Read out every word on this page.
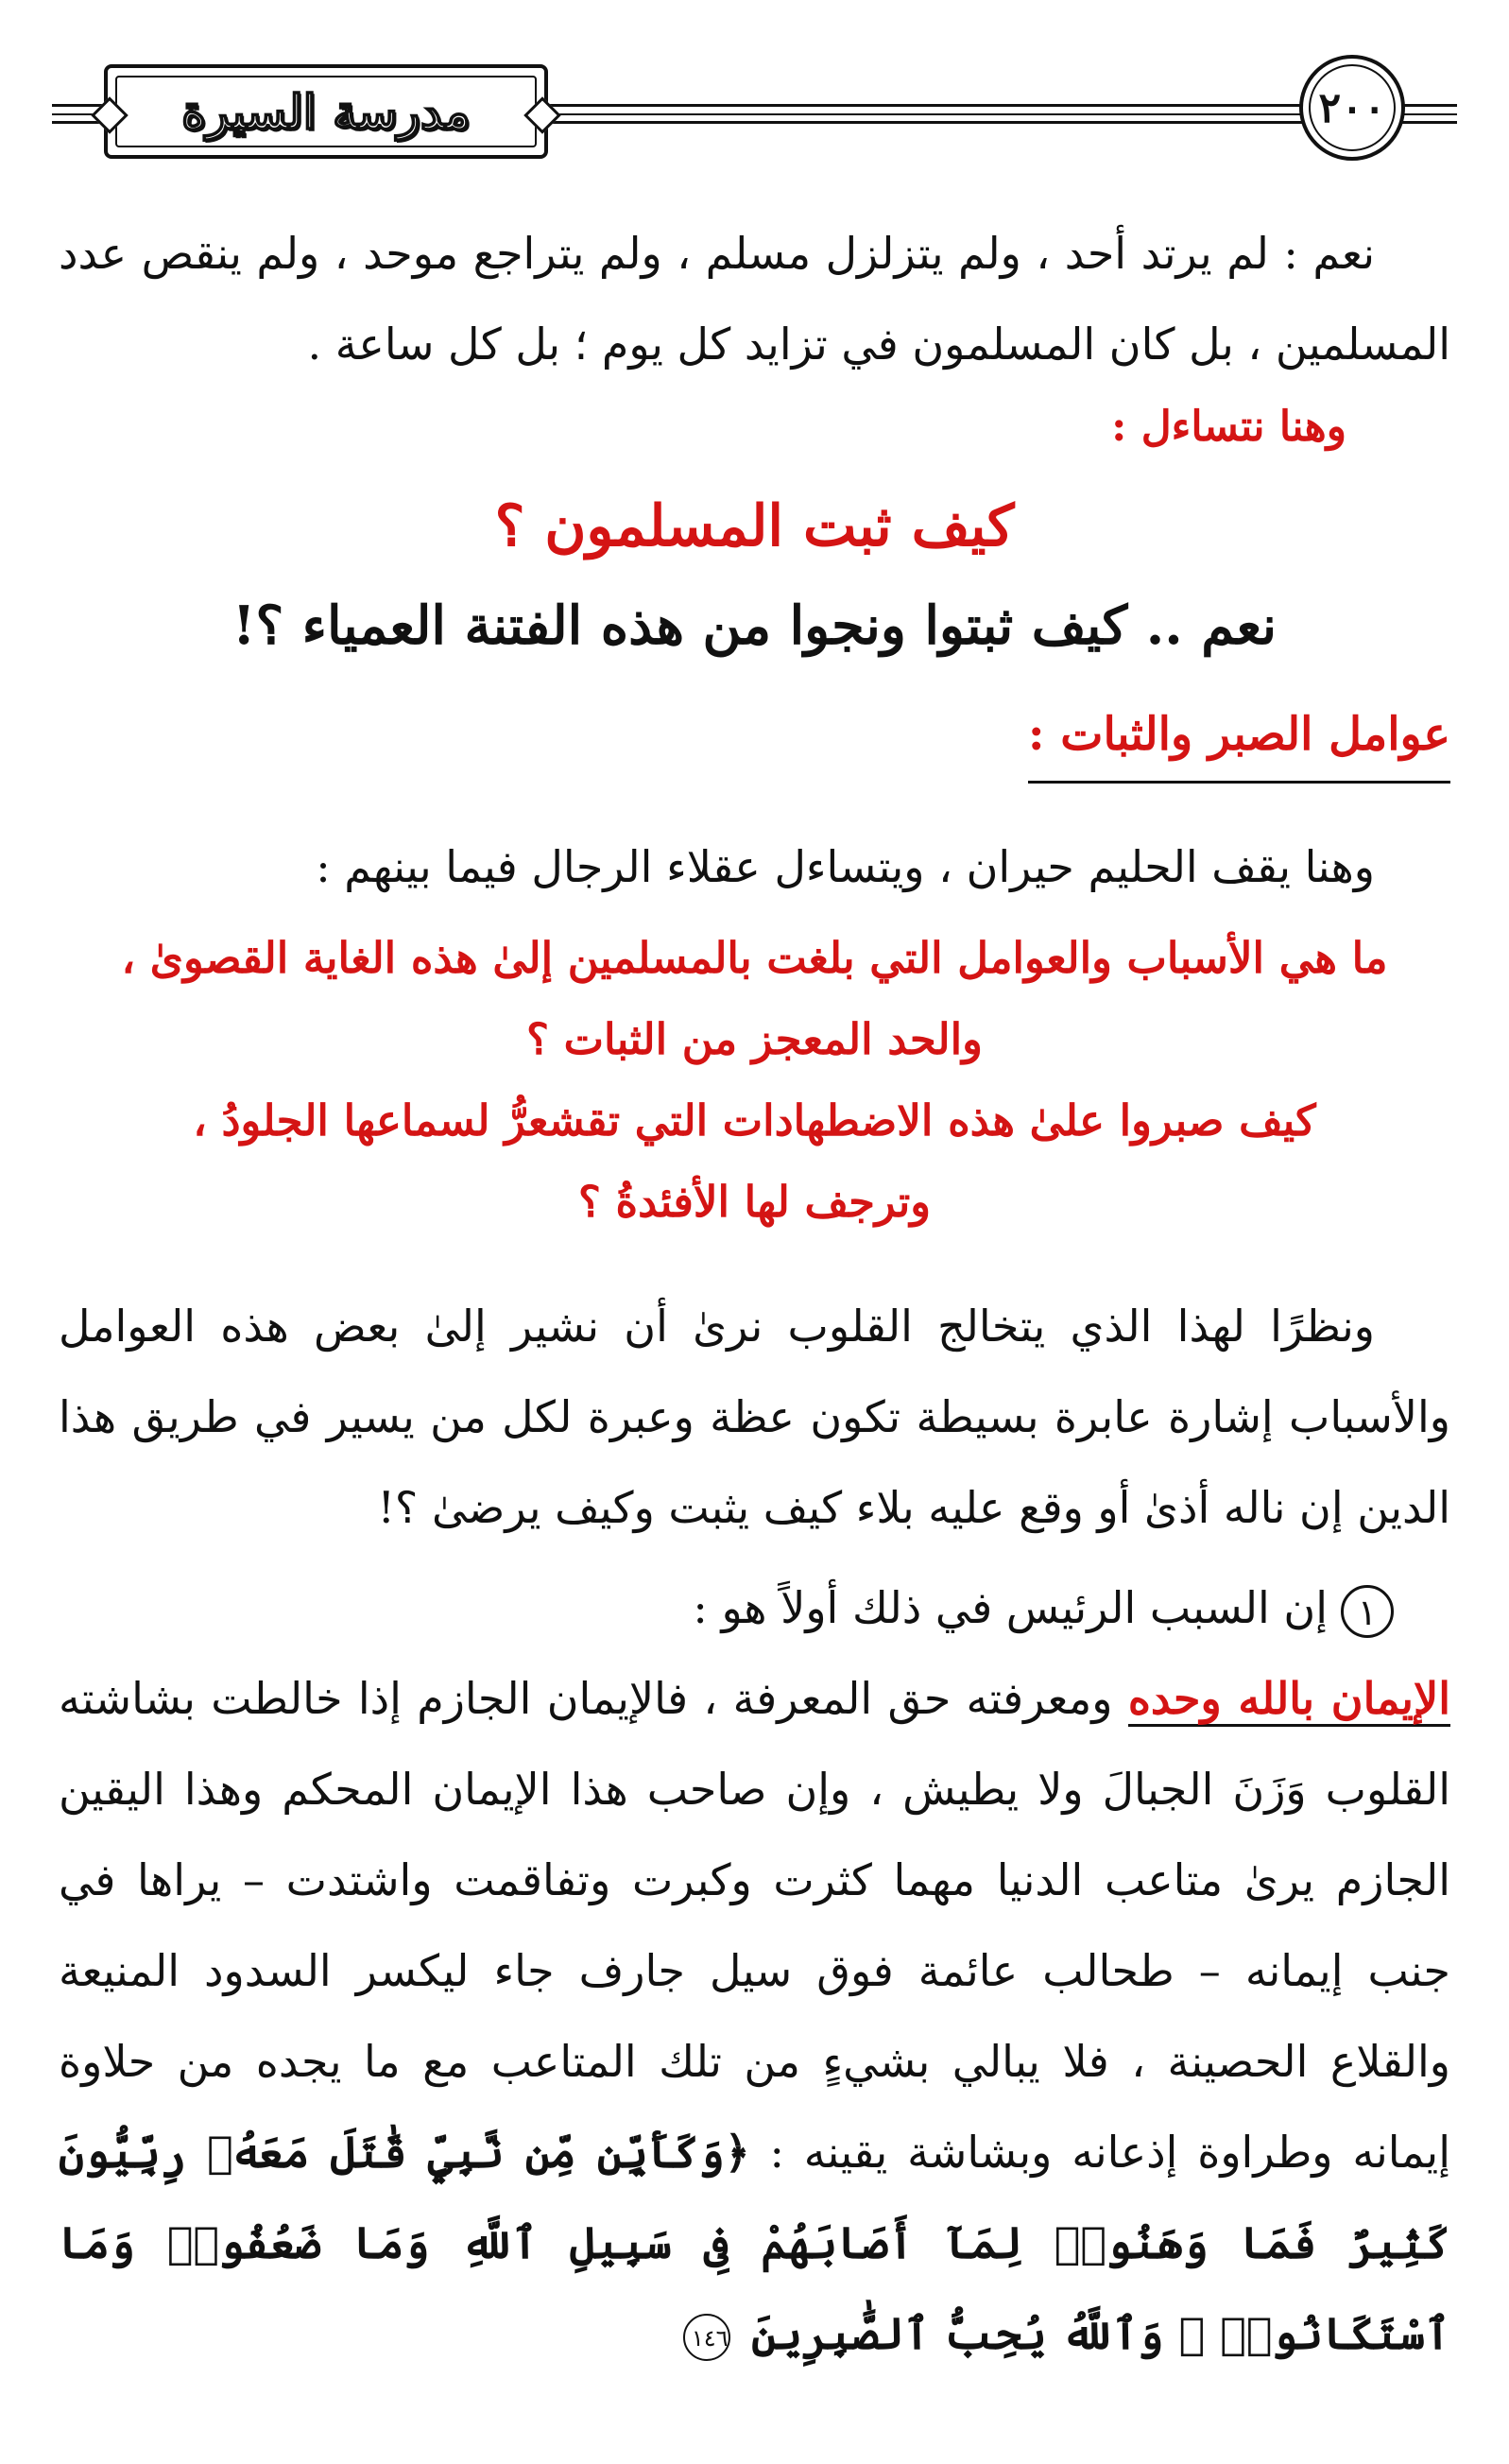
مدرسة السيرة	٢٠٠

نعم : لم يرتد أحد ، ولم يتزلزل مسلم ، ولم يتراجع موحد ، ولم ينقص عدد المسلمين ، بل كان المسلمون في تزايد كل يوم ؛ بل كل ساعة .

وهنا نتساءل :

كيف ثبت المسلمون ؟

نعم .. كيف ثبتوا ونجوا من هذه الفتنة العمياء ؟!

عوامل الصبر والثبات :

وهنا يقف الحليم حيران ، ويتساءل عقلاء الرجال فيما بينهم :

ما هي الأسباب والعوامل التي بلغت بالمسلمين إلىٰ هذه الغاية القصوىٰ ،

والحد المعجز من الثبات ؟

كيف صبروا علىٰ هذه الاضطهادات التي تقشعرُّ لسماعها الجلودُ ،

وترجف لها الأفئدةُ ؟

ونظرًا لهذا الذي يتخالج القلوب نرىٰ أن نشير إلىٰ بعض هذه العوامل والأسباب إشارة عابرة بسيطة تكون عظة وعبرة لكل من يسير في طريق هذا الدين إن ناله أذىٰ أو وقع عليه بلاء كيف يثبت وكيف يرضىٰ ؟!

١إن السبب الرئيس في ذلك أولاً هو :

الإيمان بالله وحده ومعرفته حق المعرفة ، فالإيمان الجازم إذا خالطت بشاشته القلوب وَزَنَ الجبالَ ولا يطيش ، وإن صاحب هذا الإيمان المحكم وهذا اليقين الجازم يرىٰ متاعب الدنيا مهما كثرت وكبرت وتفاقمت واشتدت – يراها في جنب إيمانه – طحالب عائمة فوق سيل جارف جاء ليكسر السدود المنيعة والقلاع الحصينة ، فلا يبالي بشيءٍ من تلك المتاعب مع ما يجده من حلاوة إيمانه وطراوة إذعانه وبشاشة يقينه : ﴿وَكَأَيِّن مِّن نَّبِيٍّ قَٰتَلَ مَعَهُۥ رِبِّيُّونَ كَثِيرٌ فَمَا وَهَنُوا۟ لِمَآ أَصَابَهُمْ فِى سَبِيلِ ٱللَّهِ وَمَا ضَعُفُوا۟ وَمَا ٱسْتَكَانُوا۟ ۗ وَٱللَّهُ يُحِبُّ ٱلصَّٰبِرِينَ ١٤٦
